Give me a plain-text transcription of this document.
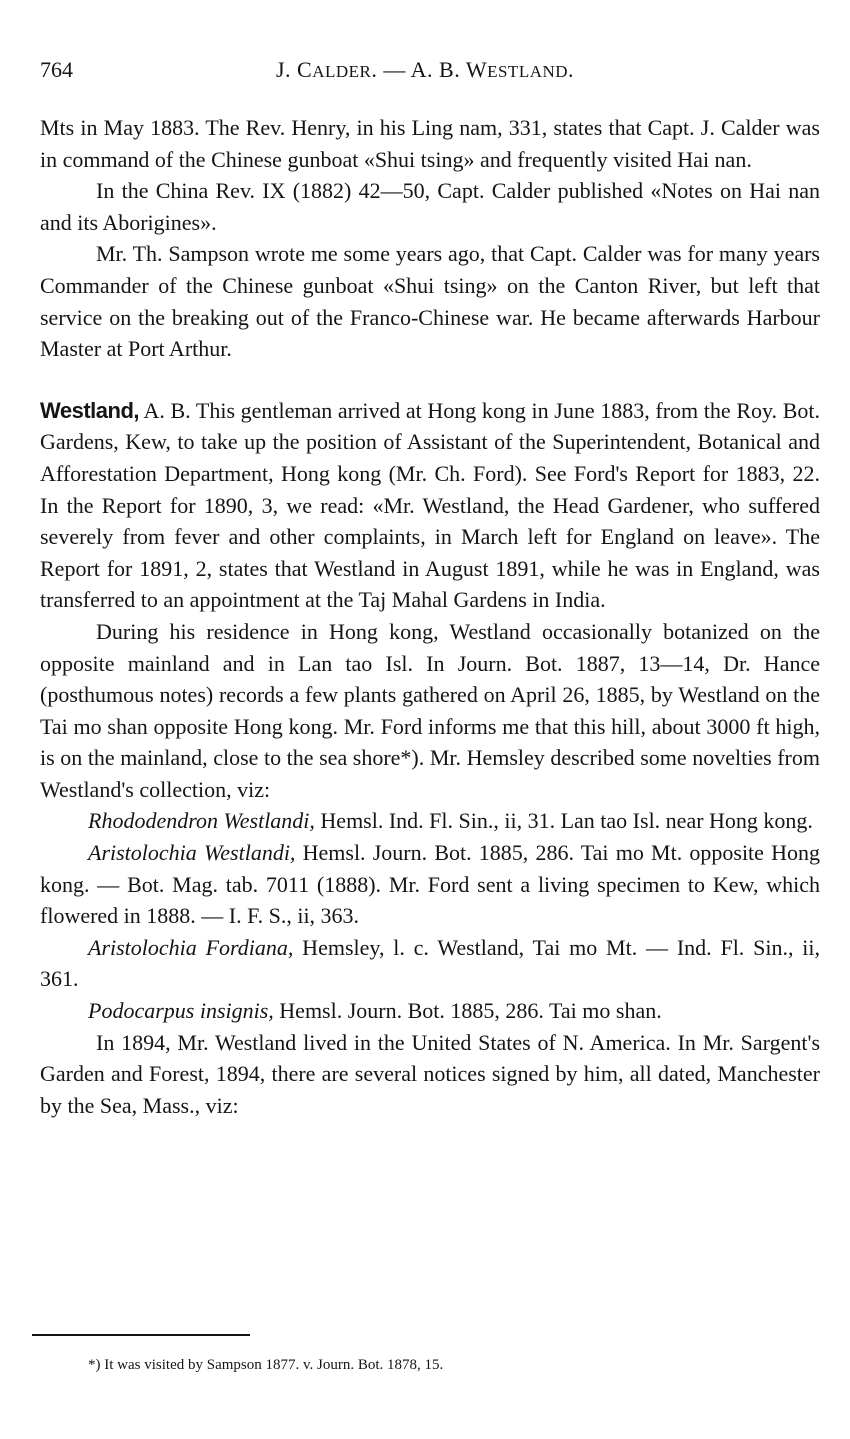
764	J. CALDER. — A. B. WESTLAND.

Mts in May 1883. The Rev. Henry, in his Ling nam, 331, states that Capt. J. Calder was in command of the Chinese gunboat «Shui tsing» and frequently visited Hai nan.

In the China Rev. IX (1882) 42—50, Capt. Calder published «Notes on Hai nan and its Aborigines».

Mr. Th. Sampson wrote me some years ago, that Capt. Calder was for many years Commander of the Chinese gunboat «Shui tsing» on the Canton River, but left that service on the breaking out of the Franco-Chinese war. He became afterwards Harbour Master at Port Arthur.

Westland, A. B. This gentleman arrived at Hong kong in June 1883, from the Roy. Bot. Gardens, Kew, to take up the position of Assistant of the Superintendent, Botanical and Afforestation Department, Hong kong (Mr. Ch. Ford). See Ford's Report for 1883, 22. In the Report for 1890, 3, we read: «Mr. Westland, the Head Gardener, who suffered severely from fever and other complaints, in March left for England on leave». The Report for 1891, 2, states that Westland in August 1891, while he was in England, was transferred to an appointment at the Taj Mahal Gardens in India.

During his residence in Hong kong, Westland occasionally botanized on the opposite mainland and in Lan tao Isl. In Journ. Bot. 1887, 13—14, Dr. Hance (posthumous notes) records a few plants gathered on April 26, 1885, by Westland on the Tai mo shan opposite Hong kong. Mr. Ford informs me that this hill, about 3000 ft high, is on the mainland, close to the sea shore*). Mr. Hemsley described some novelties from Westland's collection, viz:

Rhododendron Westlandi, Hemsl. Ind. Fl. Sin., ii, 31. Lan tao Isl. near Hong kong.

Aristolochia Westlandi, Hemsl. Journ. Bot. 1885, 286. Tai mo Mt. opposite Hong kong. — Bot. Mag. tab. 7011 (1888). Mr. Ford sent a living specimen to Kew, which flowered in 1888. — I. F. S., ii, 363.

Aristolochia Fordiana, Hemsley, l. c. Westland, Tai mo Mt. — Ind. Fl. Sin., ii, 361.

Podocarpus insignis, Hemsl. Journ. Bot. 1885, 286. Tai mo shan.

In 1894, Mr. Westland lived in the United States of N. America. In Mr. Sargent's Garden and Forest, 1894, there are several notices signed by him, all dated, Manchester by the Sea, Mass., viz:

*) It was visited by Sampson 1877. v. Journ. Bot. 1878, 15.
